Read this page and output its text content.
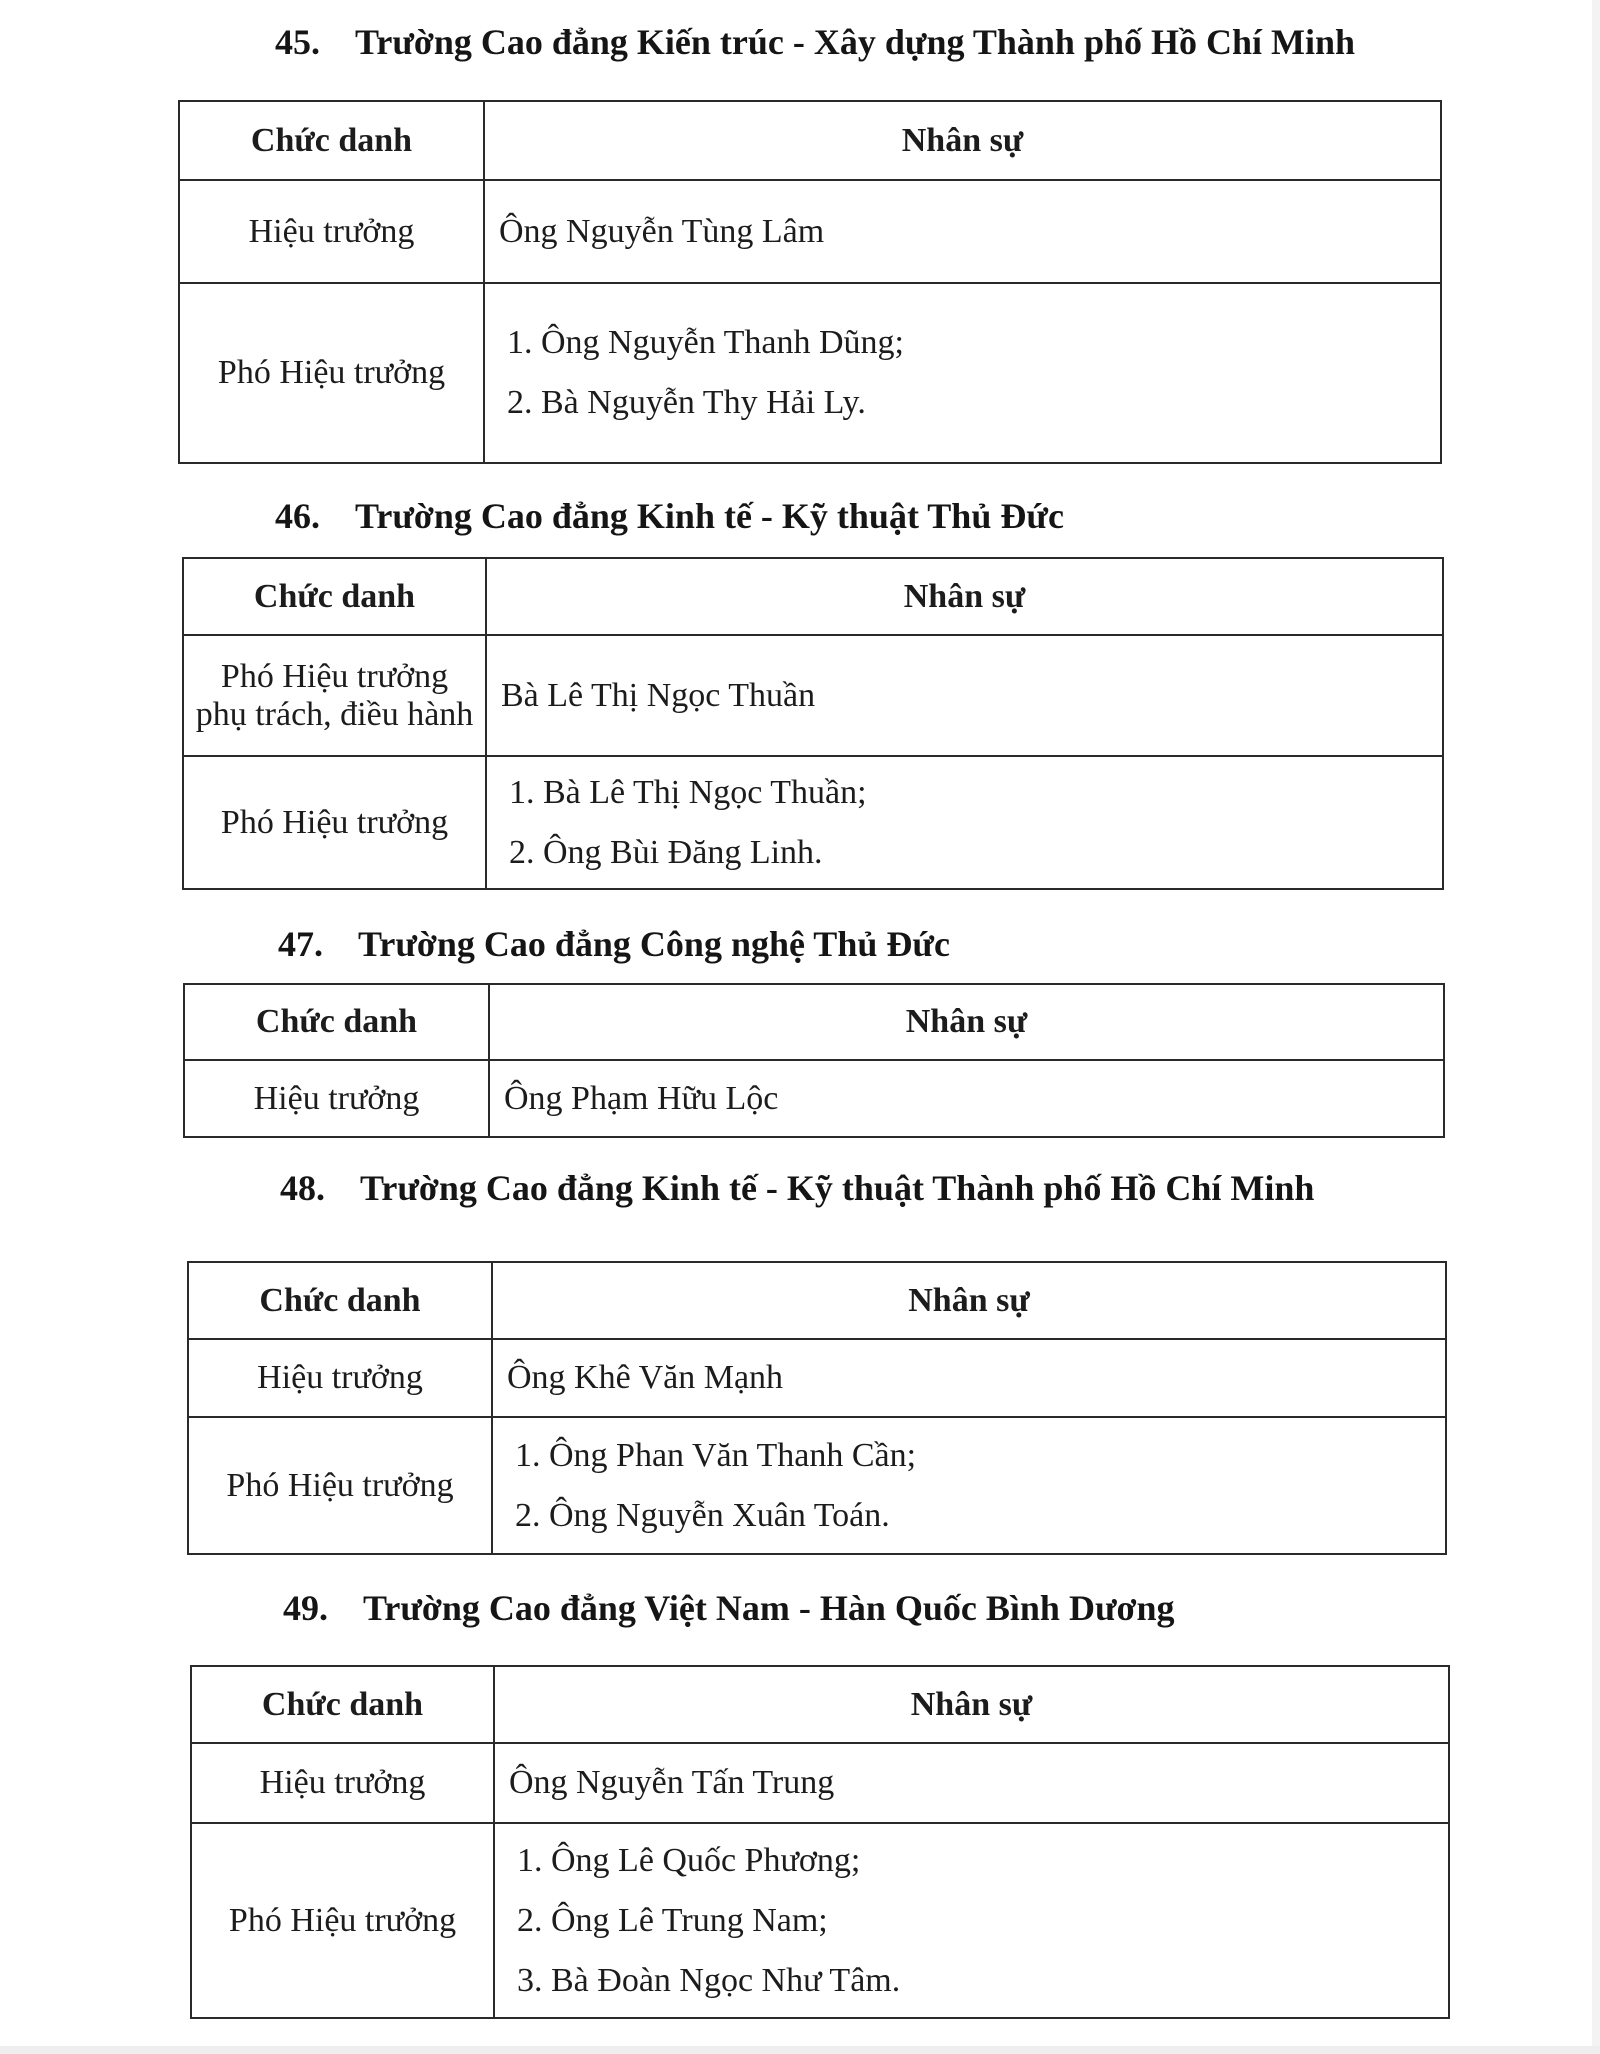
45. Trường Cao đẳng Kiến trúc - Xây dựng Thành phố Hồ Chí Minh
Chức danh	Nhân sự
Hiệu trưởng	Ông Nguyễn Tùng Lâm
Phó Hiệu trưởng	1. Ông Nguyễn Thanh Dũng;
2. Bà Nguyễn Thy Hải Ly.
46. Trường Cao đẳng Kinh tế - Kỹ thuật Thủ Đức
Chức danh	Nhân sự

Phó Hiệu trưởng
phụ trách, điều hành	Bà Lê Thị Ngọc Thuần
Phó Hiệu trưởng	1. Bà Lê Thị Ngọc Thuần;
2. Ông Bùi Đăng Linh.
47. Trường Cao đẳng Công nghệ Thủ Đức
Chức danh	Nhân sự
Hiệu trưởng	Ông Phạm Hữu Lộc
48. Trường Cao đẳng Kinh tế - Kỹ thuật Thành phố Hồ Chí Minh
Chức danh	Nhân sự
Hiệu trưởng	Ông Khê Văn Mạnh
Phó Hiệu trưởng	1. Ông Phan Văn Thanh Cần;
2. Ông Nguyễn Xuân Toán.
49. Trường Cao đẳng Việt Nam - Hàn Quốc Bình Dương
Chức danh	Nhân sự
Hiệu trưởng	Ông Nguyễn Tấn Trung
Phó Hiệu trưởng	1. Ông Lê Quốc Phương;
2. Ông Lê Trung Nam;
3. Bà Đoàn Ngọc Như Tâm.
